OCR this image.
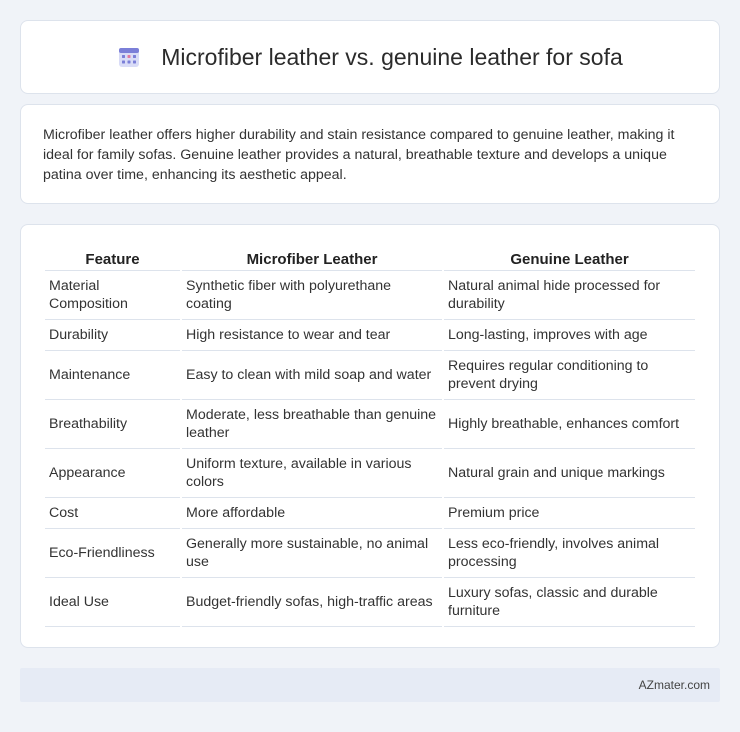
Microfiber leather vs. genuine leather for sofa

Microfiber leather offers higher durability and stain resistance compared to genuine leather, making it ideal for family sofas. Genuine leather provides a natural, breathable texture and develops a unique patina over time, enhancing its aesthetic appeal.

Feature	Microfiber Leather	Genuine Leather
Material Composition	Synthetic fiber with polyurethane coating	Natural animal hide processed for durability
Durability	High resistance to wear and tear	Long-lasting, improves with age
Maintenance	Easy to clean with mild soap and water	Requires regular conditioning to prevent drying
Breathability	Moderate, less breathable than genuine leather	Highly breathable, enhances comfort
Appearance	Uniform texture, available in various colors	Natural grain and unique markings
Cost	More affordable	Premium price
Eco-Friendliness	Generally more sustainable, no animal use	Less eco-friendly, involves animal processing
Ideal Use	Budget-friendly sofas, high-traffic areas	Luxury sofas, classic and durable furniture
AZmater.com
